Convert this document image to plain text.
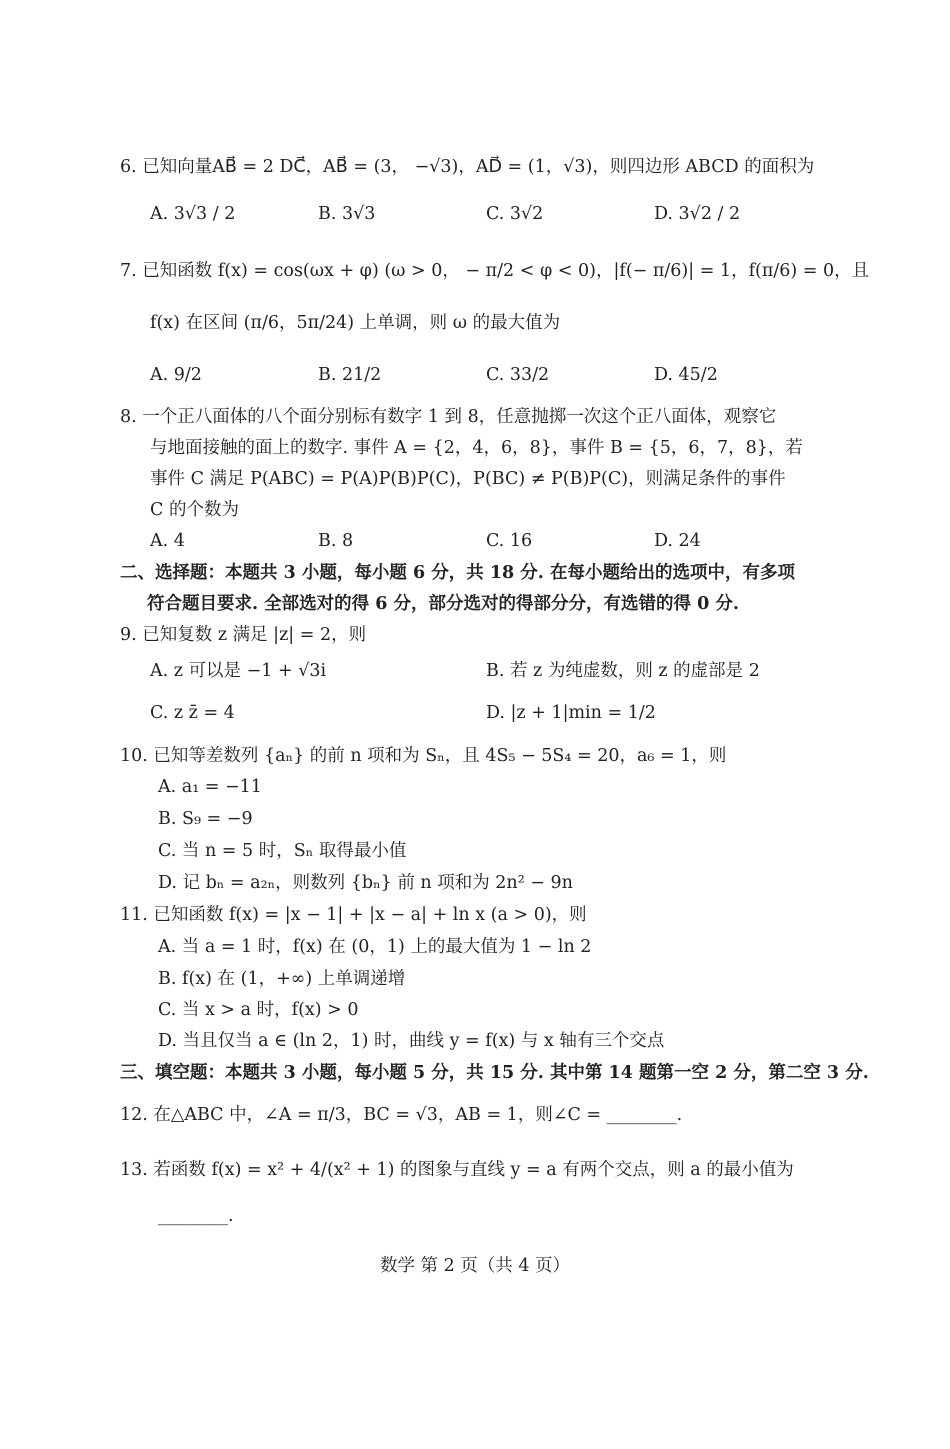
6. 已知向量AB⃗ = 2 DC⃗，AB⃗ = (3， −√3)，AD⃗ = (1，√3)，则四边形 ABCD 的面积为
A. 3√3 / 2	B. 3√3	C. 3√2	D. 3√2 / 2
7. 已知函数 f(x) = cos(ωx + φ) (ω > 0， − π/2 < φ < 0)，|f(− π/6)| = 1，f(π/6) = 0，且
f(x) 在区间 (π/6，5π/24) 上单调，则 ω 的最大值为
A. 9/2	B. 21/2	C. 33/2	D. 45/2
8. 一个正八面体的八个面分别标有数字 1 到 8，任意抛掷一次这个正八面体，观察它
与地面接触的面上的数字. 事件 A = {2，4，6，8}，事件 B = {5，6，7，8}，若
事件 C 满足 P(ABC) = P(A)P(B)P(C)，P(BC) ≠ P(B)P(C)，则满足条件的事件
C 的个数为
A. 4	B. 8	C. 16	D. 24
二、选择题：本题共 3 小题，每小题 6 分，共 18 分. 在每小题给出的选项中，有多项
符合题目要求. 全部选对的得 6 分，部分选对的得部分分，有选错的得 0 分.
9. 已知复数 z 满足 |z| = 2，则
A. z 可以是 −1 + √3i	B. 若 z 为纯虚数，则 z 的虚部是 2
C. z z̄ = 4	D. |z + 1|min = 1/2
10. 已知等差数列 {aₙ} 的前 n 项和为 Sₙ，且 4S₅ − 5S₄ = 20，a₆ = 1，则
A. a₁ = −11
B. S₉ = −9
C. 当 n = 5 时，Sₙ 取得最小值
D. 记 bₙ = a₂ₙ，则数列 {bₙ} 前 n 项和为 2n² − 9n
11. 已知函数 f(x) = |x − 1| + |x − a| + ln x (a > 0)，则
A. 当 a = 1 时，f(x) 在 (0，1) 上的最大值为 1 − ln 2
B. f(x) 在 (1，+∞) 上单调递增
C. 当 x > a 时，f(x) > 0
D. 当且仅当 a ∈ (ln 2，1) 时，曲线 y = f(x) 与 x 轴有三个交点
三、填空题：本题共 3 小题，每小题 5 分，共 15 分. 其中第 14 题第一空 2 分，第二空 3 分.
12. 在△ABC 中，∠A = π/3，BC = √3，AB = 1，则∠C = ________.
13. 若函数 f(x) = x² + 4/(x² + 1) 的图象与直线 y = a 有两个交点，则 a 的最小值为
________.
数学 第 2 页（共 4 页）
